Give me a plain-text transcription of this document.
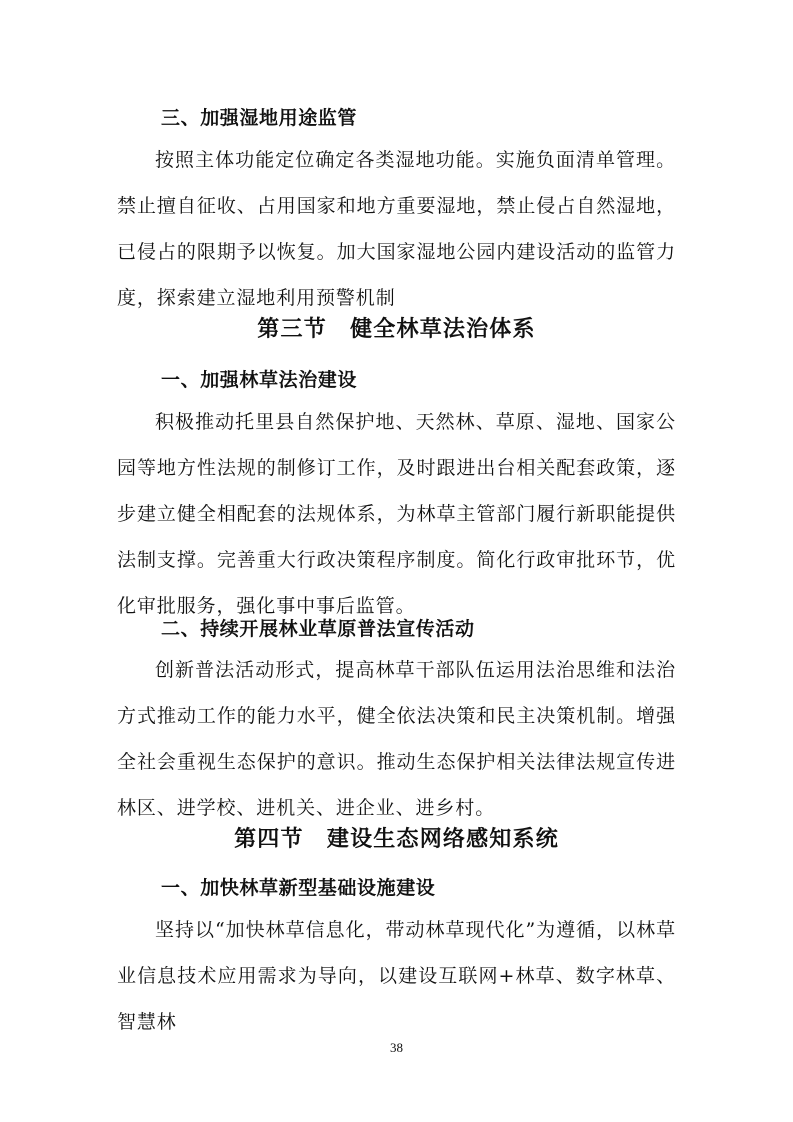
三、加强湿地用途监管
按照主体功能定位确定各类湿地功能。实施负面清单管理。禁止擅自征收、占用国家和地方重要湿地，禁止侵占自然湿地，已侵占的限期予以恢复。加大国家湿地公园内建设活动的监管力度，探索建立湿地利用预警机制
第三节　健全林草法治体系
一、加强林草法治建设
积极推动托里县自然保护地、天然林、草原、湿地、国家公园等地方性法规的制修订工作，及时跟进出台相关配套政策，逐步建立健全相配套的法规体系，为林草主管部门履行新职能提供法制支撑。完善重大行政决策程序制度。简化行政审批环节，优化审批服务，强化事中事后监管。
二、持续开展林业草原普法宣传活动
创新普法活动形式，提高林草干部队伍运用法治思维和法治方式推动工作的能力水平，健全依法决策和民主决策机制。增强全社会重视生态保护的意识。推动生态保护相关法律法规宣传进林区、进学校、进机关、进企业、进乡村。
第四节　建设生态网络感知系统
一、加快林草新型基础设施建设
坚持以“加快林草信息化，带动林草现代化”为遵循，以林草业信息技术应用需求为导向，以建设互联网+林草、数字林草、智慧林
38
